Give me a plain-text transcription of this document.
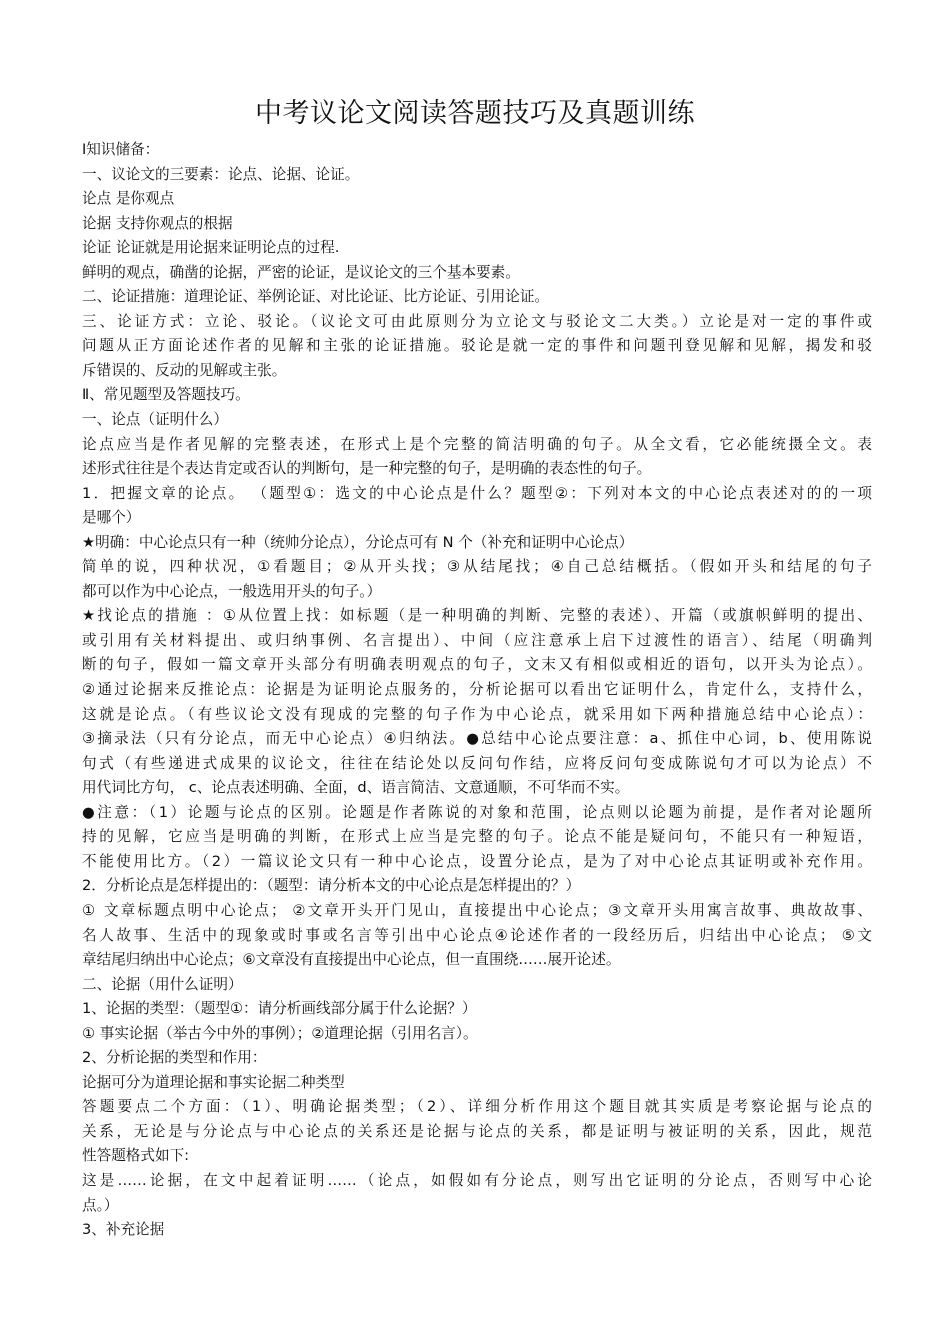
中考议论文阅读答题技巧及真题训练
Ⅰ知识储备：
一、议论文的三要素：论点、论据、论证。
论点 是你观点
论据 支持你观点的根据
论证 论证就是用论据来证明论点的过程.
鲜明的观点，确凿的论据，严密的论证，是议论文的三个基本要素。
二、论证措施：道理论证、举例论证、对比论证、比方论证、引用论证。
三、论证方式：立论、驳论。（议论文可由此原则分为立论文与驳论文二大类。）立论是对一定的事件或
问题从正方面论述作者的见解和主张的论证措施。驳论是就一定的事件和问题刊登见解和见解，揭发和驳
斥错误的、反动的见解或主张。
Ⅱ、常见题型及答题技巧。
一、论点（证明什么）
论点应当是作者见解的完整表述，在形式上是个完整的简洁明确的句子。从全文看，它必能统摄全文。表
述形式往往是个表达肯定或否认的判断句，是一种完整的句子，是明确的表态性的句子。
1．把握文章的论点。 （题型①：选文的中心论点是什么？题型②：下列对本文的中心论点表述对的的一项
是哪个）
★明确：中心论点只有一种（统帅分论点），分论点可有 N 个（补充和证明中心论点）
简单的说，四种状况，①看题目；②从开头找；③从结尾找；④自己总结概括。（假如开头和结尾的句子
都可以作为中心论点，一般选用开头的句子。）
★找论点的措施 ：①从位置上找：如标题（是一种明确的判断、完整的表述）、开篇（或旗帜鲜明的提出、
或引用有关材料提出、或归纳事例、名言提出）、中间（应注意承上启下过渡性的语言）、结尾（明确判
断的句子，假如一篇文章开头部分有明确表明观点的句子，文末又有相似或相近的语句，以开头为论点）。
②通过论据来反推论点：论据是为证明论点服务的，分析论据可以看出它证明什么，肯定什么，支持什么，
这就是论点。（有些议论文没有现成的完整的句子作为中心论点，就采用如下两种措施总结中心论点）：
③摘录法（只有分论点，而无中心论点）④归纳法。●总结中心论点要注意：a、抓住中心词，b、使用陈说
句式（有些递进式成果的议论文，往往在结论处以反问句作结，应将反问句变成陈说句才可以为论点）不
用代词比方句， c、论点表述明确、全面，d、语言简洁、文意通顺，不可华而不实。
●注意：（1）论题与论点的区别。论题是作者陈说的对象和范围，论点则以论题为前提，是作者对论题所
持的见解，它应当是明确的判断，在形式上应当是完整的句子。论点不能是疑问句，不能只有一种短语，
不能使用比方。（2）一篇议论文只有一种中心论点，设置分论点，是为了对中心论点其证明或补充作用。
2．分析论点是怎样提出的：（题型：请分析本文的中心论点是怎样提出的？）
① 文章标题点明中心论点； ②文章开头开门见山，直接提出中心论点；③文章开头用寓言故事、典故故事、
名人故事、生活中的现象或时事或名言等引出中心论点④论述作者的一段经历后，归结出中心论点； ⑤文
章结尾归纳出中心论点；⑥文章没有直接提出中心论点，但一直围绕……展开论述。
二、论据（用什么证明）
1、论据的类型：（题型①：请分析画线部分属于什么论据？）
① 事实论据（举古今中外的事例）；②道理论据（引用名言）。
2、分析论据的类型和作用：
论据可分为道理论据和事实论据二种类型
答题要点二个方面：（1）、明确论据类型；（2）、详细分析作用这个题目就其实质是考察论据与论点的
关系，无论是与分论点与中心论点的关系还是论据与论点的关系，都是证明与被证明的关系，因此，规范
性答题格式如下:
这是……论据，在文中起着证明……（论点，如假如有分论点，则写出它证明的分论点，否则写中心论
点。）
3、补充论据
